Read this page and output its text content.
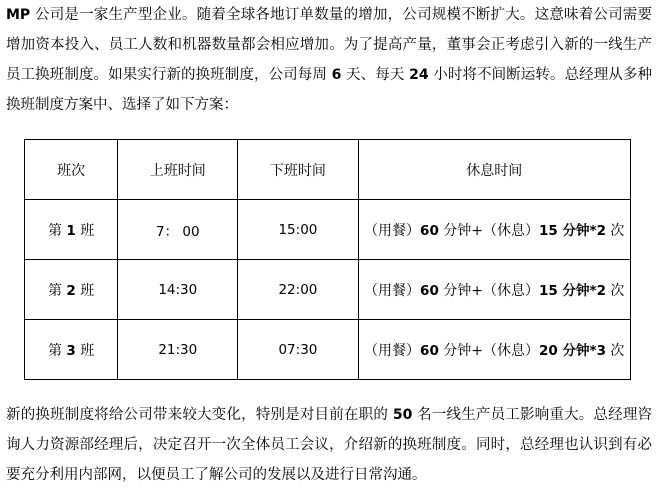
MP 公司是一家生产型企业。随着全球各地订单数量的增加，公司规模不断扩大。这意味着公司需要增加资本投入、员工人数和机器数量都会相应增加。为了提高产量，董事会正考虑引入新的一线生产员工换班制度。如果实行新的换班制度，公司每周 6 天、每天 24 小时将不间断运转。总经理从多种换班制度方案中、选择了如下方案：

班次	上班时间	下班时间	休息时间
第 1 班	7： 00	15:00	（用餐）60 分钟+（休息）15 分钟*2 次
第 2 班	14:30	22:00	（用餐）60 分钟+（休息）15 分钟*2 次
第 3 班	21:30	07:30	（用餐）60 分钟+（休息）20 分钟*3 次

新的换班制度将给公司带来较大变化，特别是对目前在职的 50 名一线生产员工影响重大。总经理咨询人力资源部经理后，决定召开一次全体员工会议，介绍新的换班制度。同时，总经理也认识到有必要充分利用内部网，以便员工了解公司的发展以及进行日常沟通。
